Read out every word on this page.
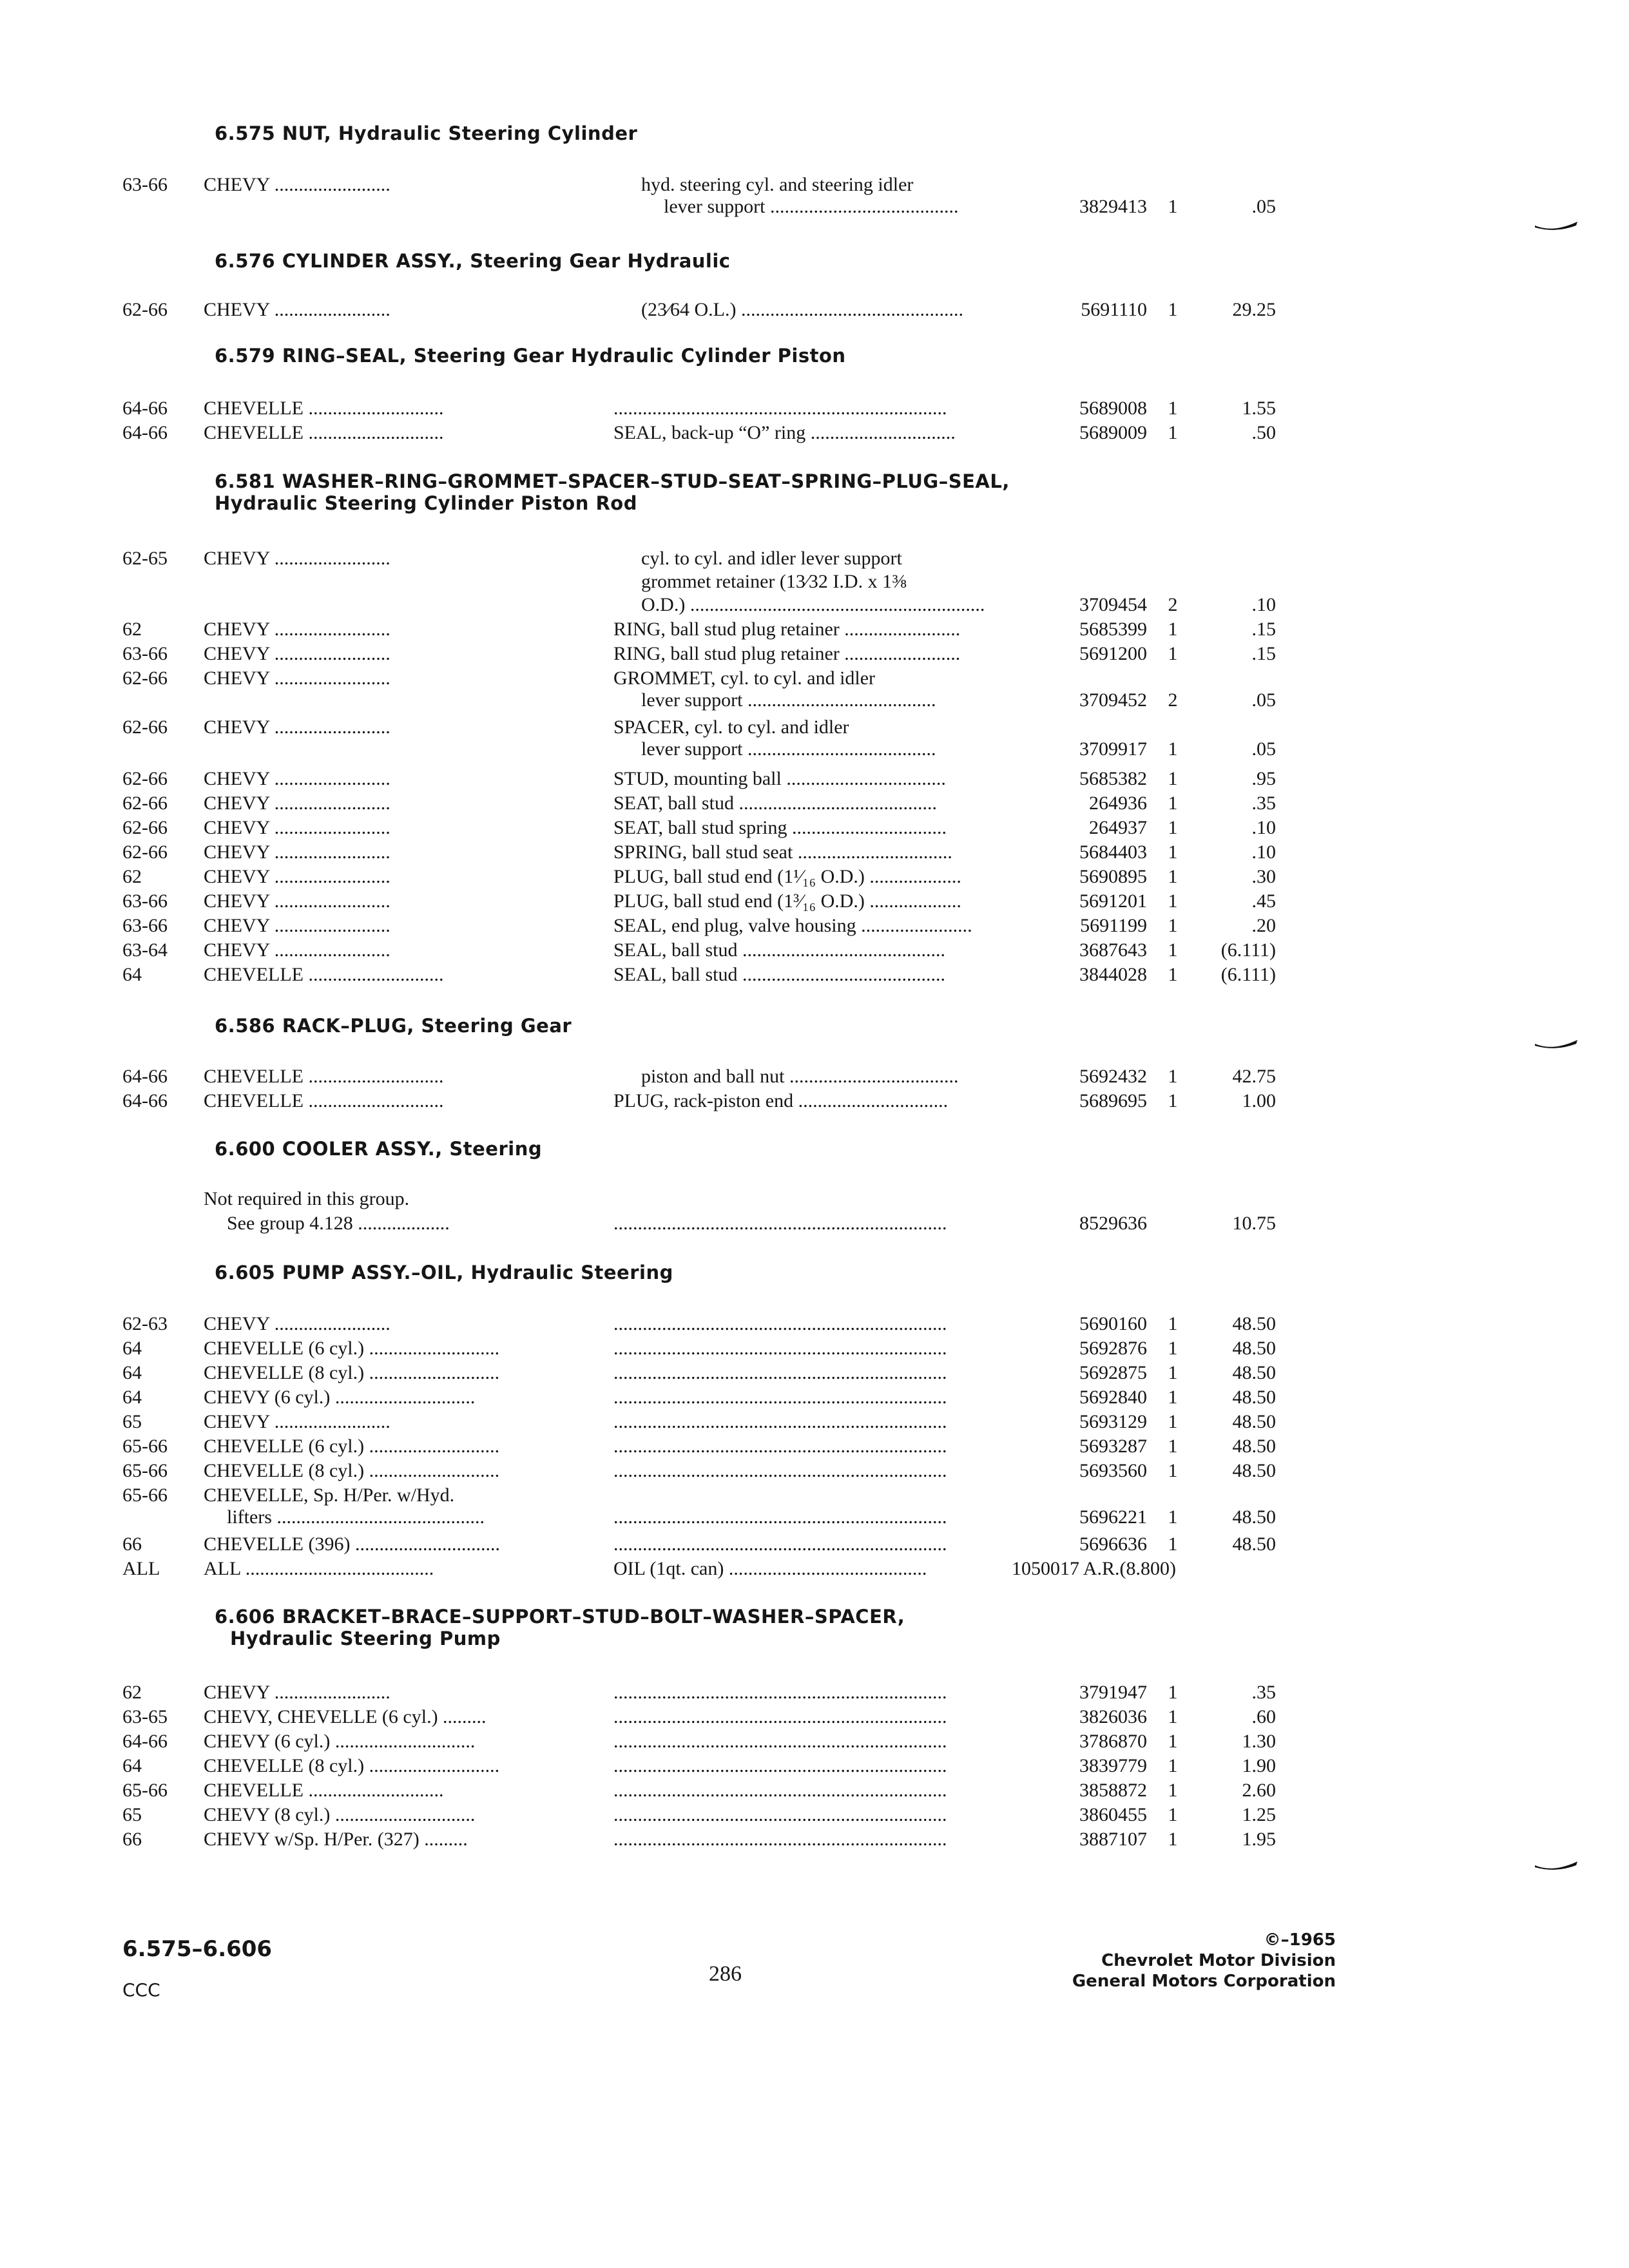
6.575 NUT, Hydraulic Steering Cylinder
63-66 CHEVY ........................	hyd. steering cyl. and steering idler
lever support .......................................	3829413	1	.05
6.576 CYLINDER ASSY., Steering Gear Hydraulic
62-66 CHEVY ........................	(23⁄64 O.L.) ..............................................	5691110	1	29.25
6.579 RING–SEAL, Steering Gear Hydraulic Cylinder Piston
64-66 CHEVELLE ............................	.....................................................................	5689008	1	1.55
64-66 CHEVELLE ............................	SEAL, back-up “O” ring ..............................	5689009	1	.50
6.581 WASHER–RING–GROMMET–SPACER–STUD–SEAT–SPRING–PLUG–SEAL,
Hydraulic Steering Cylinder Piston Rod
62-65 CHEVY ........................	cyl. to cyl. and idler lever support
grommet retainer (13⁄32 I.D. x 1⅜
O.D.) .............................................................	3709454	2	.10
62	CHEVY ........................	RING, ball stud plug retainer ........................	5685399	1	.15
63-66 CHEVY ........................	RING, ball stud plug retainer ........................	5691200	1	.15
62-66 CHEVY ........................	GROMMET, cyl. to cyl. and idler
lever support .......................................	3709452	2	.05
62-66 CHEVY ........................	SPACER, cyl. to cyl. and idler
lever support .......................................	3709917	1	.05
62-66 CHEVY ........................	STUD, mounting ball .................................	5685382	1	.95
62-66 CHEVY ........................	SEAT, ball stud .........................................	264936	1	.35
62-66 CHEVY ........................	SEAT, ball stud spring ................................	264937	1	.10
62-66 CHEVY ........................	SPRING, ball stud seat ................................	5684403	1	.10
62	CHEVY ........................	PLUG, ball stud end (1¹⁄₁₆ O.D.) ...................	5690895	1	.30
63-66 CHEVY ........................	PLUG, ball stud end (1³⁄₁₆ O.D.) ...................	5691201	1	.45
63-66 CHEVY ........................	SEAL, end plug, valve housing .......................	5691199	1	.20
63-64 CHEVY ........................	SEAL, ball stud ..........................................	3687643	1	(6.111)
64	CHEVELLE ............................	SEAL, ball stud ..........................................	3844028	1	(6.111)
6.586 RACK–PLUG, Steering Gear
64-66 CHEVELLE ............................	piston and ball nut ...................................	5692432	1	42.75
64-66 CHEVELLE ............................	PLUG, rack-piston end ...............................	5689695	1	1.00
6.600 COOLER ASSY., Steering
Not required in this group.
See group 4.128 ...................	.....................................................................	8529636	10.75
6.605 PUMP ASSY.–OIL, Hydraulic Steering
62-63 CHEVY ........................	.....................................................................	5690160	1	48.50
64	CHEVELLE (6 cyl.) ...........................	.....................................................................	5692876	1	48.50
64	CHEVELLE (8 cyl.) ...........................	.....................................................................	5692875	1	48.50
64	CHEVY (6 cyl.) .............................	.....................................................................	5692840	1	48.50
65	CHEVY ........................	.....................................................................	5693129	1	48.50
65-66 CHEVELLE (6 cyl.) ...........................	.....................................................................	5693287	1	48.50
65-66 CHEVELLE (8 cyl.) ...........................	.....................................................................	5693560	1	48.50
65-66 CHEVELLE, Sp. H/Per. w/Hyd.
lifters ...........................................	.....................................................................	5696221	1	48.50
66	CHEVELLE (396) ..............................	.....................................................................	5696636	1	48.50
ALL ALL .......................................	OIL (1qt. can) .........................................	1050017 A.R.(8.800)
6.606 BRACKET–BRACE–SUPPORT–STUD–BOLT–WASHER–SPACER,
Hydraulic Steering Pump
62	CHEVY ........................	.....................................................................	3791947	1	.35
63-65 CHEVY, CHEVELLE (6 cyl.) .........	.....................................................................	3826036	1	.60
64-66 CHEVY (6 cyl.) .............................	.....................................................................	3786870	1	1.30
64	CHEVELLE (8 cyl.) ...........................	.....................................................................	3839779	1	1.90
65-66 CHEVELLE ............................	.....................................................................	3858872	1	2.60
65	CHEVY (8 cyl.) .............................	.....................................................................	3860455	1	1.25
66	CHEVY w/Sp. H/Per. (327) .........	.....................................................................	3887107	1	1.95
6.575–6.606
CCC
286
©–1965
Chevrolet Motor Division
General Motors Corporation
